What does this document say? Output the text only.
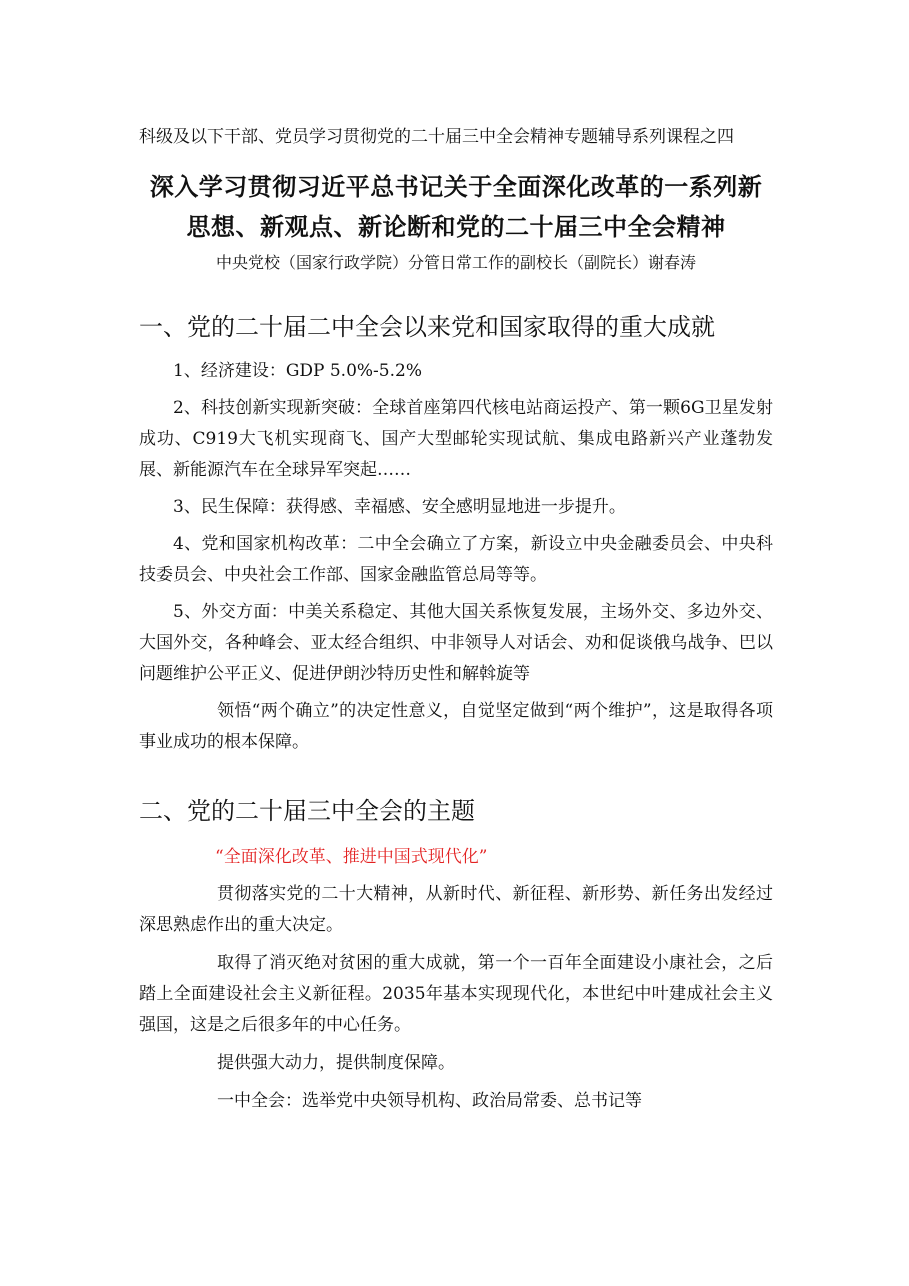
科级及以下干部、党员学习贯彻党的二十届三中全会精神专题辅导系列课程之四

深入学习贯彻习近平总书记关于全面深化改革的一系列新
思想、新观点、新论断和党的二十届三中全会精神

中央党校（国家行政学院）分管日常工作的副校长（副院长）谢春涛

一、党的二十届二中全会以来党和国家取得的重大成就

1、经济建设：GDP 5.0%-5.2%

2、科技创新实现新突破：全球首座第四代核电站商运投产、第一颗6G卫星发射成功、C919大飞机实现商飞、国产大型邮轮实现试航、集成电路新兴产业蓬勃发展、新能源汽车在全球异军突起……

3、民生保障：获得感、幸福感、安全感明显地进一步提升。

4、党和国家机构改革：二中全会确立了方案，新设立中央金融委员会、中央科技委员会、中央社会工作部、国家金融监管总局等等。

5、外交方面：中美关系稳定、其他大国关系恢复发展，主场外交、多边外交、大国外交，各种峰会、亚太经合组织、中非领导人对话会、劝和促谈俄乌战争、巴以问题维护公平正义、促进伊朗沙特历史性和解斡旋等

领悟“两个确立”的决定性意义，自觉坚定做到“两个维护”，这是取得各项事业成功的根本保障。

二、党的二十届三中全会的主题

“全面深化改革、推进中国式现代化”

贯彻落实党的二十大精神，从新时代、新征程、新形势、新任务出发经过深思熟虑作出的重大决定。

取得了消灭绝对贫困的重大成就，第一个一百年全面建设小康社会，之后踏上全面建设社会主义新征程。2035年基本实现现代化，本世纪中叶建成社会主义强国，这是之后很多年的中心任务。

提供强大动力，提供制度保障。

一中全会：选举党中央领导机构、政治局常委、总书记等
